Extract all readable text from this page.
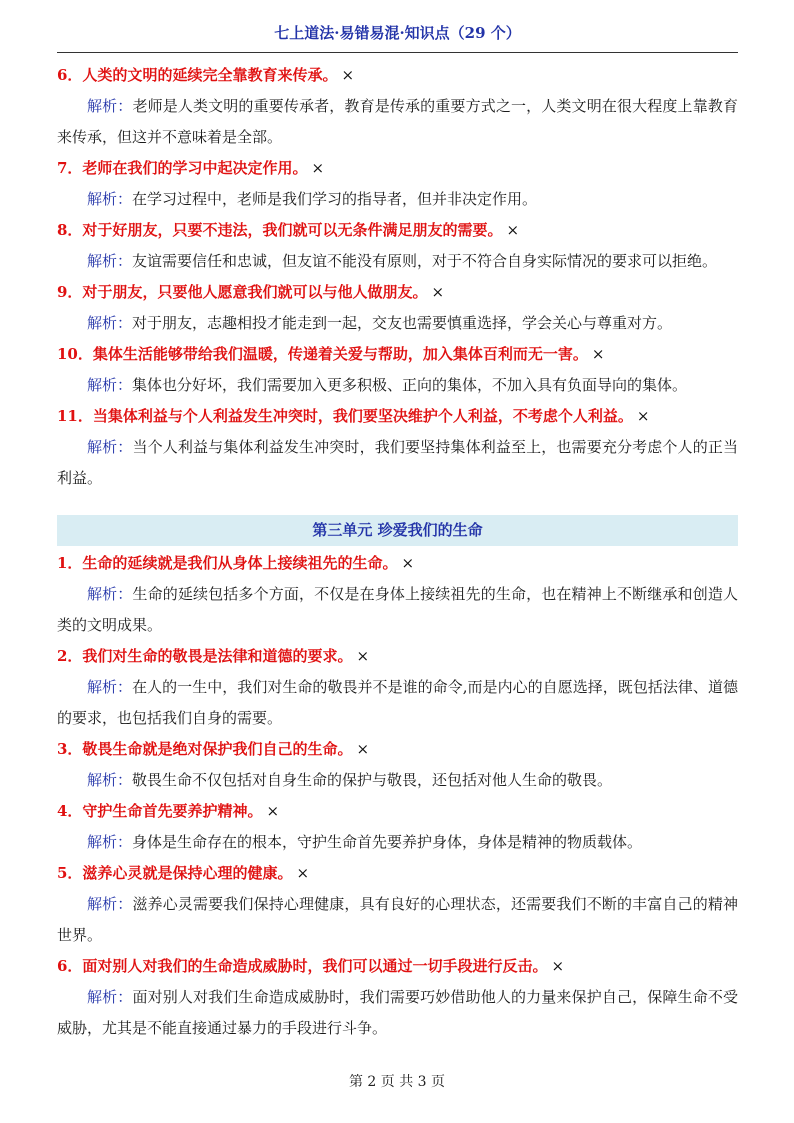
七上道法·易错易混·知识点（29 个）
6．人类的文明的延续完全靠教育来传承。 ×
解析：老师是人类文明的重要传承者，教育是传承的重要方式之一，人类文明在很大程度上靠教育来传承，但这并不意味着是全部。
7．老师在我们的学习中起决定作用。 ×
解析：在学习过程中，老师是我们学习的指导者，但并非决定作用。
8．对于好朋友，只要不违法，我们就可以无条件满足朋友的需要。 ×
解析：友谊需要信任和忠诚，但友谊不能没有原则，对于不符合自身实际情况的要求可以拒绝。
9．对于朋友，只要他人愿意我们就可以与他人做朋友。 ×
解析：对于朋友，志趣相投才能走到一起，交友也需要慎重选择，学会关心与尊重对方。
10．集体生活能够带给我们温暖，传递着关爱与帮助，加入集体百利而无一害。 ×
解析：集体也分好坏，我们需要加入更多积极、正向的集体，不加入具有负面导向的集体。
11．当集体利益与个人利益发生冲突时，我们要坚决维护个人利益，不考虑个人利益。 ×
解析：当个人利益与集体利益发生冲突时，我们要坚持集体利益至上，也需要充分考虑个人的正当利益。
第三单元 珍爱我们的生命
1．生命的延续就是我们从身体上接续祖先的生命。 ×
解析：生命的延续包括多个方面，不仅是在身体上接续祖先的生命，也在精神上不断继承和创造人类的文明成果。
2．我们对生命的敬畏是法律和道德的要求。 ×
解析：在人的一生中，我们对生命的敬畏并不是谁的命令,而是内心的自愿选择，既包括法律、道德的要求，也包括我们自身的需要。
3．敬畏生命就是绝对保护我们自己的生命。 ×
解析：敬畏生命不仅包括对自身生命的保护与敬畏，还包括对他人生命的敬畏。
4．守护生命首先要养护精神。 ×
解析：身体是生命存在的根本，守护生命首先要养护身体，身体是精神的物质载体。
5．滋养心灵就是保持心理的健康。 ×
解析：滋养心灵需要我们保持心理健康，具有良好的心理状态，还需要我们不断的丰富自己的精神世界。
6．面对别人对我们的生命造成威胁时，我们可以通过一切手段进行反击。 ×
解析：面对别人对我们生命造成威胁时，我们需要巧妙借助他人的力量来保护自己，保障生命不受威胁，尤其是不能直接通过暴力的手段进行斗争。
第 2 页 共 3 页
